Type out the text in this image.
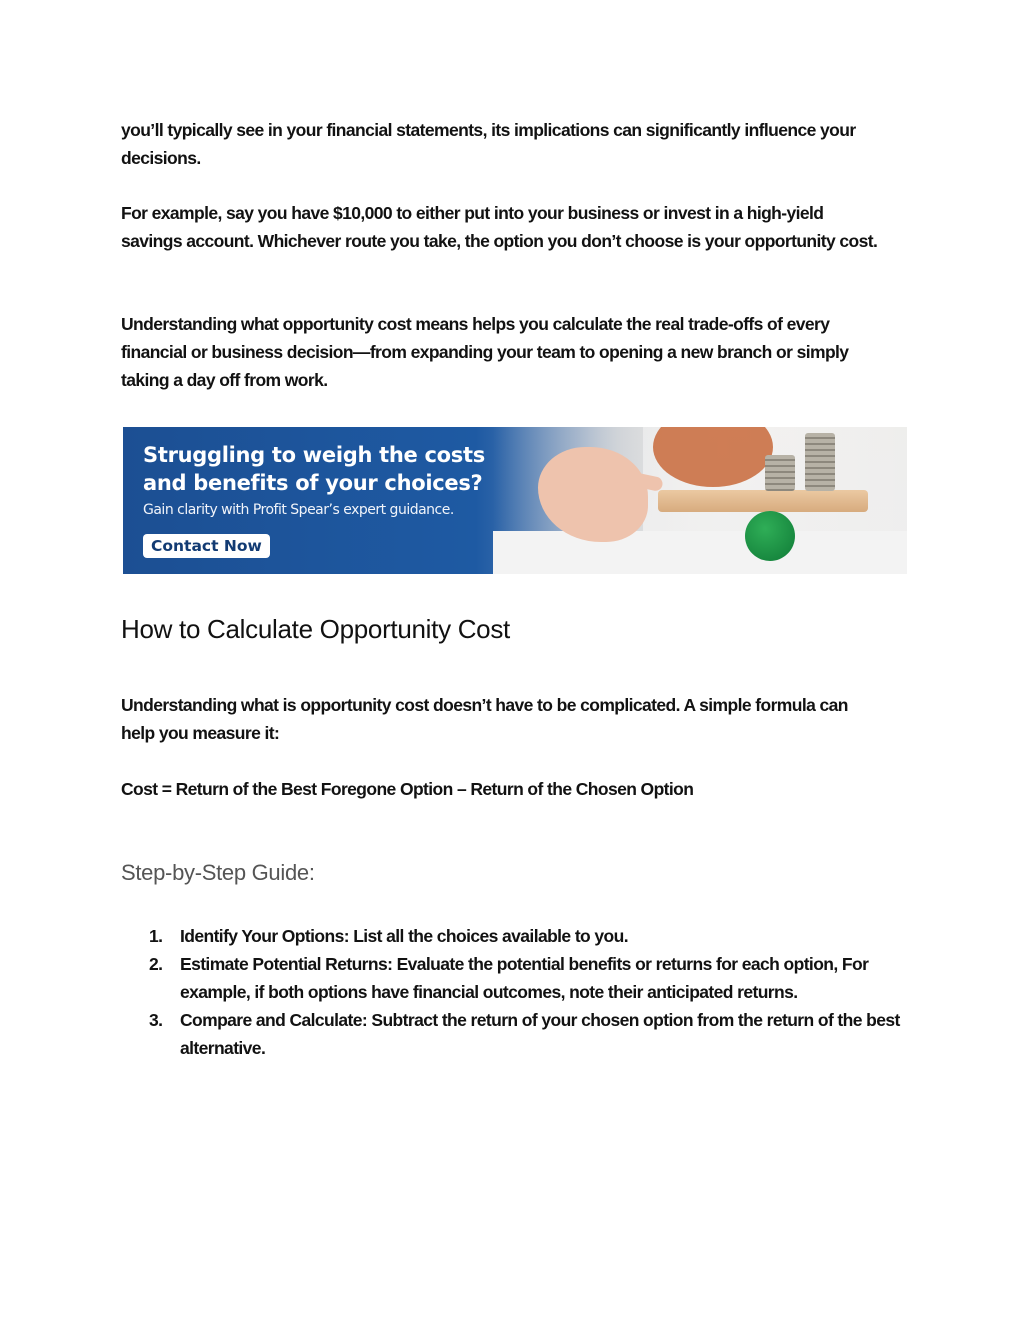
you’ll typically see in your financial statements, its implications can significantly influence your decisions.

For example, say you have $10,000 to either put into your business or invest in a high-yield savings account. Whichever route you take, the option you don’t choose is your opportunity cost.

Understanding what opportunity cost means helps you calculate the real trade-offs of every financial or business decision—from expanding your team to opening a new branch or simply taking a day off from work.

Struggling to weigh the costs and benefits of your choices?

Gain clarity with Profit Spear’s expert guidance.
Contact Now
How to Calculate Opportunity Cost

Understanding what is opportunity cost doesn’t have to be complicated. A simple formula can help you measure it:

Cost = Return of the Best Foregone Option – Return of the Chosen Option

Step-by-Step Guide:
1. Identify Your Options: List all the choices available to you.
2. Estimate Potential Returns: Evaluate the potential benefits or returns for each option, For example, if both options have financial outcomes, note their anticipated returns.
3. Compare and Calculate: Subtract the return of your chosen option from the return of the best alternative.
